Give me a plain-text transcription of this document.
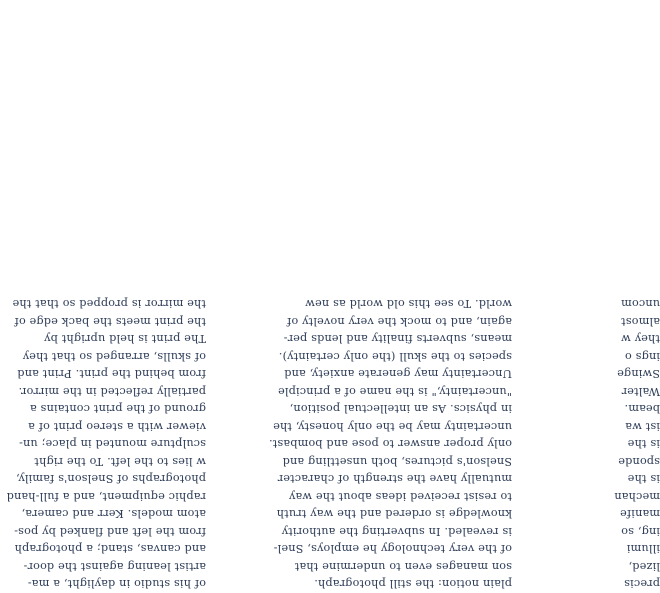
of his studio in daylight, a ma-
artist leaning against the door-
and canvas, stand; a photograph
from the left and flanked by pos-
atom models. Kerr and camera,
raphic equipment, and a full-hand
photographs of Snelson's family,
w lies to the left. To the right
sculpture mounted in place; un-
viewer with a stereo print of a
ground of the print contains a
partially reflected in the mirror.
from behind the print. Print and
of skulls, arranged so that they
The print is held upright by
the print meets the back edge of
the mirror is propped so that the
plain notion: the still photograph.
son manages even to undermine that
of the very technology he employs, Snel-
is revealed. In subverting the authority
knowledge is ordered and the way truth
to resist received ideas about the way
mutually have the strength of character
Snelson's pictures, both unsettling and
only proper answer to pose and bombast.
uncertainty may be the only honesty, the
in physics. As an intellectual position,
"uncertainty," is the name of a principle
Uncertainty may generate anxiety, and
species to the skull (the only certainty).
means, subverts finality and lends per-
again, and to mock the very novelty of
world. To see this old world as new
precis
lized,
illumi
ing, so
manife
mechan
is the
sponde
is the
ist wa
beam.
Walter
Swinge
ings o
they w
almost
uncom
